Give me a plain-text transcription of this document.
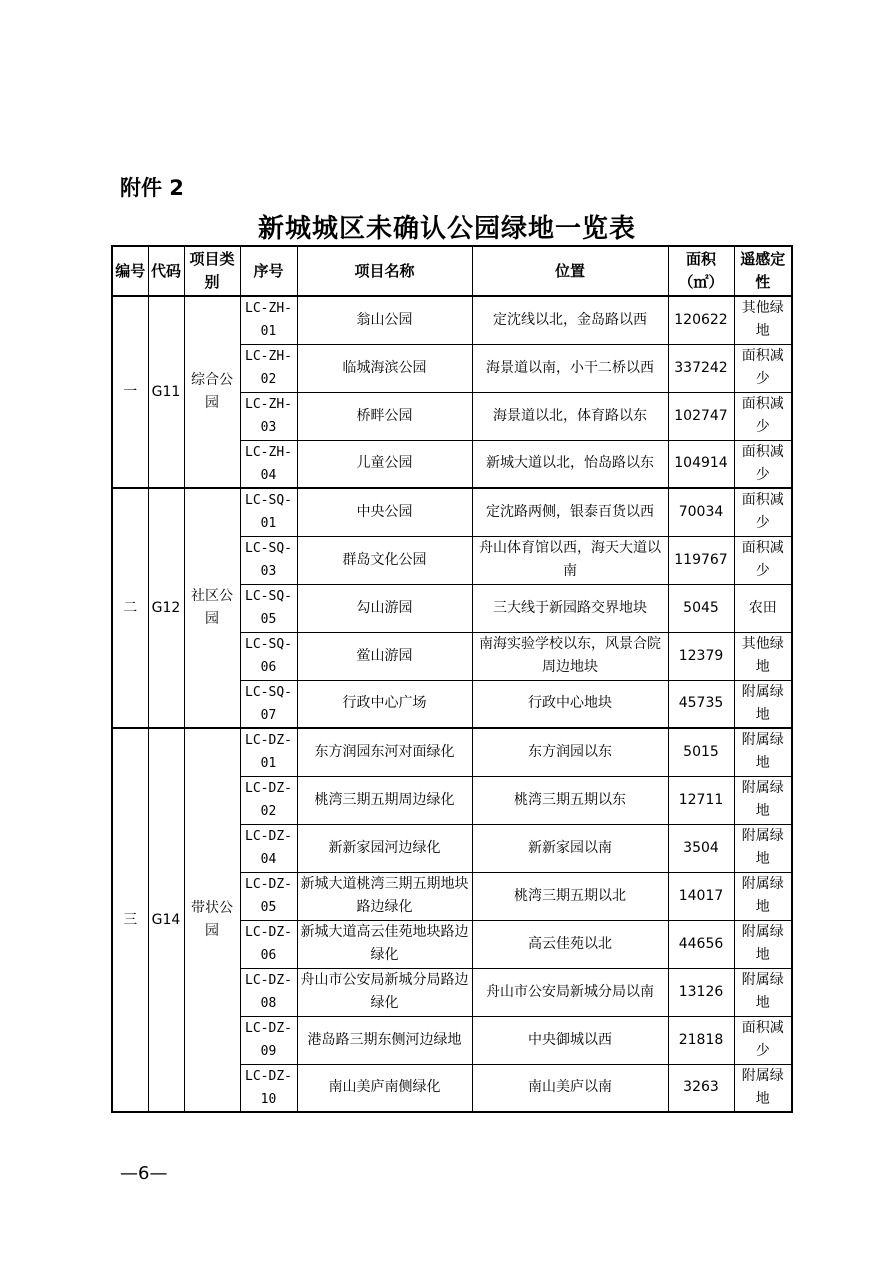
附件 2
新城城区未确认公园绿地一览表
编号	代码	项目类别	序号	项目名称	位置	面积（㎡）	遥感定性
一	G11	综合公园	LC-ZH-01	翁山公园	定沈线以北，金岛路以西	120622	其他绿地
			LC-ZH-02	临城海滨公园	海景道以南，小干二桥以西	337242	面积减少
			LC-ZH-03	桥畔公园	海景道以北，体育路以东	102747	面积减少
			LC-ZH-04	儿童公园	新城大道以北，怡岛路以东	104914	面积减少
二	G12	社区公园	LC-SQ-01	中央公园	定沈路两侧，银泰百货以西	70034	面积减少
			LC-SQ-03	群岛文化公园	舟山体育馆以西，海天大道以南	119767	面积减少
			LC-SQ-05	勾山游园	三大线于新园路交界地块	5045	农田
			LC-SQ-06	鲎山游园	南海实验学校以东，风景合院周边地块	12379	其他绿地
			LC-SQ-07	行政中心广场	行政中心地块	45735	附属绿地
三	G14	带状公园	LC-DZ-01	东方润园东河对面绿化	东方润园以东	5015	附属绿地
			LC-DZ-02	桃湾三期五期周边绿化	桃湾三期五期以东	12711	附属绿地
			LC-DZ-04	新新家园河边绿化	新新家园以南	3504	附属绿地
			LC-DZ-05	新城大道桃湾三期五期地块路边绿化	桃湾三期五期以北	14017	附属绿地
			LC-DZ-06	新城大道高云佳苑地块路边绿化	高云佳苑以北	44656	附属绿地
			LC-DZ-08	舟山市公安局新城分局路边绿化	舟山市公安局新城分局以南	13126	附属绿地
			LC-DZ-09	港岛路三期东侧河边绿地	中央御城以西	21818	面积减少
			LC-DZ-10	南山美庐南侧绿化	南山美庐以南	3263	附属绿地
—6—
